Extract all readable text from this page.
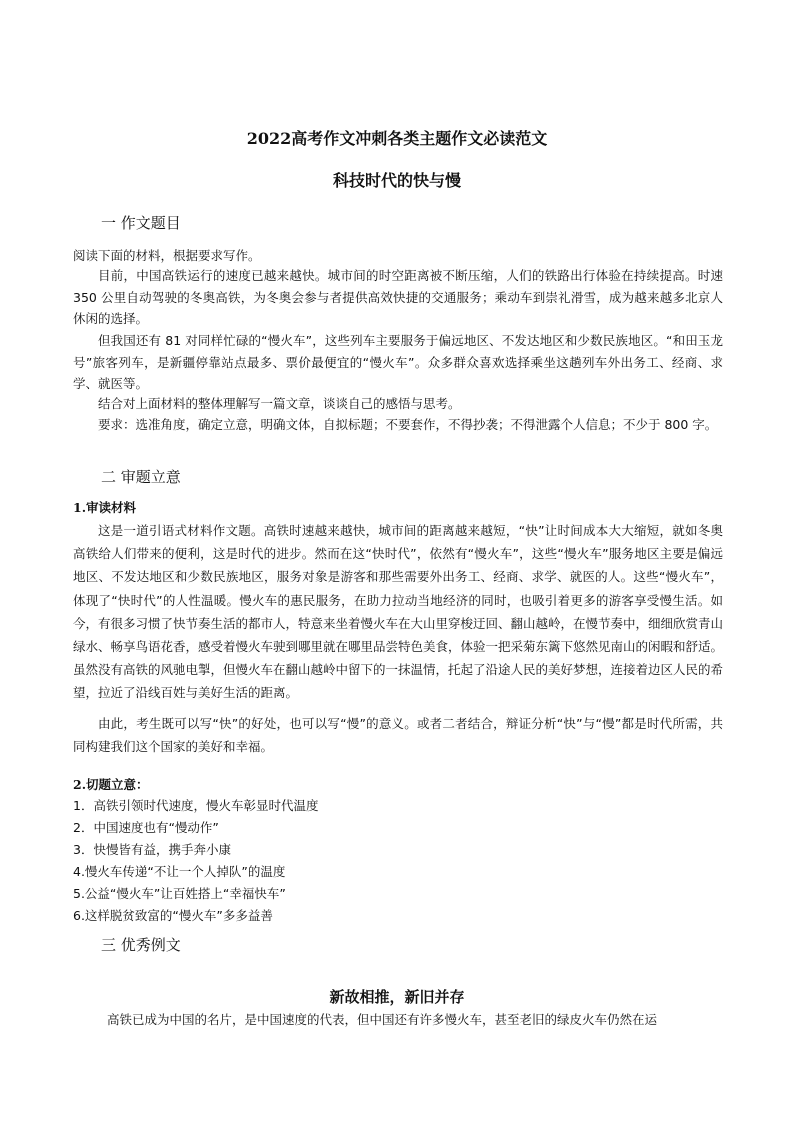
2022高考作文冲刺各类主题作文必读范文
科技时代的快与慢
一 作文题目

阅读下面的材料，根据要求写作。

目前，中国高铁运行的速度已越来越快。城市间的时空距离被不断压缩，人们的铁路出行体验在持续提高。时速 350 公里自动驾驶的冬奥高铁，为冬奥会参与者提供高效快捷的交通服务；乘动车到崇礼滑雪，成为越来越多北京人休闲的选择。

但我国还有 81 对同样忙碌的“慢火车”，这些列车主要服务于偏远地区、不发达地区和少数民族地区。“和田玉龙号”旅客列车，是新疆停靠站点最多、票价最便宜的“慢火车”。众多群众喜欢选择乘坐这趟列车外出务工、经商、求学、就医等。

结合对上面材料的整体理解写一篇文章，谈谈自己的感悟与思考。

要求：选准角度，确定立意，明确文体，自拟标题；不要套作，不得抄袭；不得泄露个人信息；不少于 800 字。

二 审题立意
1.审读材料

这是一道引语式材料作文题。高铁时速越来越快，城市间的距离越来越短，“快”让时间成本大大缩短，就如冬奥高铁给人们带来的便利，这是时代的进步。然而在这“快时代”，依然有“慢火车”，这些“慢火车”服务地区主要是偏远地区、不发达地区和少数民族地区，服务对象是游客和那些需要外出务工、经商、求学、就医的人。这些“慢火车”，体现了“快时代”的人性温暖。慢火车的惠民服务，在助力拉动当地经济的同时，也吸引着更多的游客享受慢生活。如今，有很多习惯了快节奏生活的都市人，特意来坐着慢火车在大山里穿梭迂回、翻山越岭，在慢节奏中，细细欣赏青山绿水、畅享鸟语花香，感受着慢火车驶到哪里就在哪里品尝特色美食，体验一把采菊东篱下悠然见南山的闲暇和舒适。虽然没有高铁的风驰电掣，但慢火车在翻山越岭中留下的一抹温情，托起了沿途人民的美好梦想，连接着边区人民的希望，拉近了沿线百姓与美好生活的距离。

由此，考生既可以写“快”的好处，也可以写“慢”的意义。或者二者结合，辩证分析“快”与“慢”都是时代所需，共同构建我们这个国家的美好和幸福。

2.切题立意：

1．高铁引领时代速度，慢火车彰显时代温度

2．中国速度也有“慢动作”

3．快慢皆有益，携手奔小康

4.慢火车传递“不让一个人掉队”的温度

5.公益“慢火车”让百姓搭上“幸福快车”

6.这样脱贫致富的“慢火车”多多益善

三 优秀例文
新故相推，新旧并存

高铁已成为中国的名片，是中国速度的代表，但中国还有许多慢火车，甚至老旧的绿皮火车仍然在运
